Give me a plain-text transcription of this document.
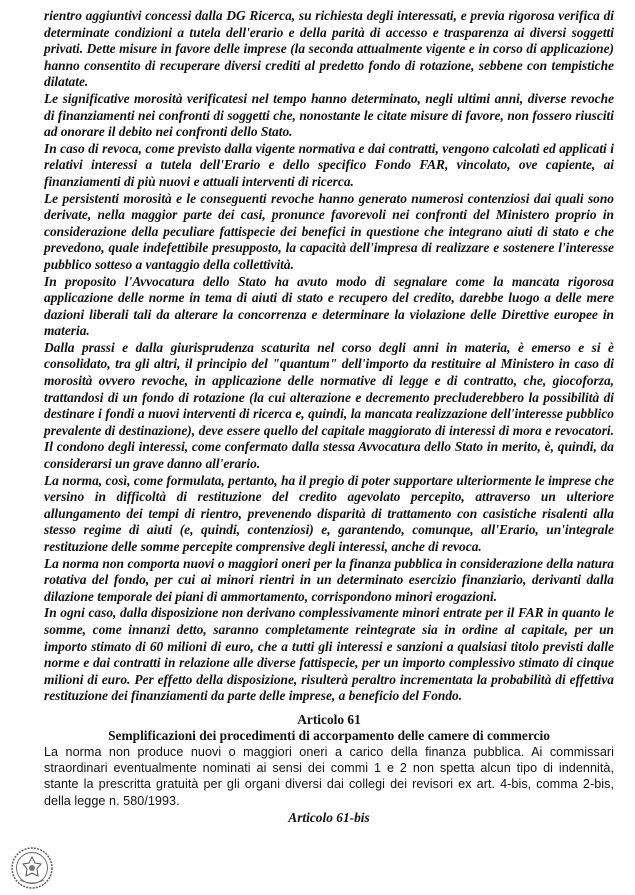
rientro aggiuntivi concessi dalla DG Ricerca, su richiesta degli interessati, e previa rigorosa verifica di determinate condizioni a tutela dell'erario e della parità di accesso e trasparenza ai diversi soggetti privati. Dette misure in favore delle imprese (la seconda attualmente vigente e in corso di applicazione) hanno consentito di recuperare diversi crediti al predetto fondo di rotazione, sebbene con tempistiche dilatate.

Le significative morosità verificatesi nel tempo hanno determinato, negli ultimi anni, diverse revoche di finanziamenti nei confronti di soggetti che, nonostante le citate misure di favore, non fossero riusciti ad onorare il debito nei confronti dello Stato.

In caso di revoca, come previsto dalla vigente normativa e dai contratti, vengono calcolati ed applicati i relativi interessi a tutela dell'Erario e dello specifico Fondo FAR, vincolato, ove capiente, ai finanziamenti di più nuovi e attuali interventi di ricerca.

Le persistenti morosità e le conseguenti revoche hanno generato numerosi contenziosi dai quali sono derivate, nella maggior parte dei casi, pronunce favorevoli nei confronti del Ministero proprio in considerazione della peculiare fattispecie dei benefici in questione che integrano aiuti di stato e che prevedono, quale indefettibile presupposto, la capacità dell'impresa di realizzare e sostenere l'interesse pubblico sotteso a vantaggio della collettività.

In proposito l'Avvocatura dello Stato ha avuto modo di segnalare come la mancata rigorosa applicazione delle norme in tema di aiuti di stato e recupero del credito, darebbe luogo a delle mere dazioni liberali tali da alterare la concorrenza e determinare la violazione delle Direttive europee in materia.

Dalla prassi e dalla giurisprudenza scaturita nel corso degli anni in materia, è emerso e si è consolidato, tra gli altri, il principio del "quantum" dell'importo da restituire al Ministero in caso di morosità ovvero revoche, in applicazione delle normative di legge e di contratto, che, giocoforza, trattandosi di un fondo di rotazione (la cui alterazione e decremento precluderebbero la possibilità di destinare i fondi a nuovi interventi di ricerca e, quindi, la mancata realizzazione dell'interesse pubblico prevalente di destinazione), deve essere quello del capitale maggiorato di interessi di mora e revocatori. Il condono degli interessi, come confermato dalla stessa Avvocatura dello Stato in merito, è, quindi, da considerarsi un grave danno all'erario.

La norma, così, come formulata, pertanto, ha il pregio di poter supportare ulteriormente le imprese che versino in difficoltà di restituzione del credito agevolato percepito, attraverso un ulteriore allungamento dei tempi di rientro, prevenendo disparità di trattamento con casistiche risalenti alla stesso regime di aiuti (e, quindi, contenziosi) e, garantendo, comunque, all'Erario, un'integrale restituzione delle somme percepite comprensive degli interessi, anche di revoca.

La norma non comporta nuovi o maggiori oneri per la finanza pubblica in considerazione della natura rotativa del fondo, per cui ai minori rientri in un determinato esercizio finanziario, derivanti dalla dilazione temporale dei piani di ammortamento, corrispondono minori erogazioni.

In ogni caso, dalla disposizione non derivano complessivamente minori entrate per il FAR in quanto le somme, come innanzi detto, saranno completamente reintegrate sia in ordine al capitale, per un importo stimato di 60 milioni di euro, che a tutti gli interessi e sanzioni a qualsiasi titolo previsti dalle norme e dai contratti in relazione alle diverse fattispecie, per un importo complessivo stimato di cinque milioni di euro. Per effetto della disposizione, risulterà peraltro incrementata la probabilità di effettiva restituzione dei finanziamenti da parte delle imprese, a beneficio del Fondo.

Articolo 61
Semplificazioni dei procedimenti di accorpamento delle camere di commercio

La norma non produce nuovi o maggiori oneri a carico della finanza pubblica. Ai commissari straordinari eventualmente nominati ai sensi dei commi 1 e 2 non spetta alcun tipo di indennità, stante la prescritta gratuità per gli organi diversi dai collegi dei revisori ex art. 4-bis, comma 2-bis, della legge n. 580/1993.

Articolo 61-bis
